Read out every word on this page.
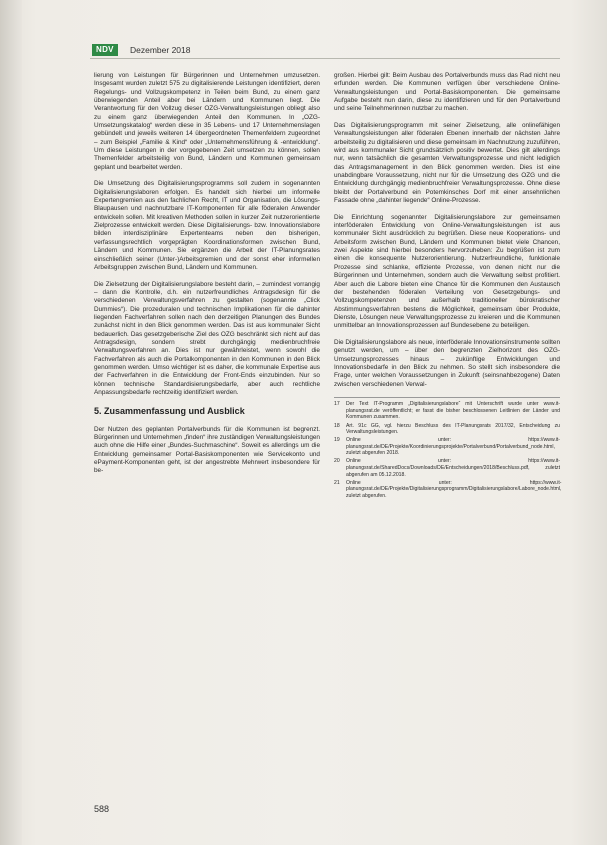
NDV	Dezember 2018

lierung von Leistungen für Bürgerinnen und Unternehmen umzusetzen. Insgesamt wurden zuletzt 575 zu digitalisierende Leistungen identifiziert, deren Regelungs- und Vollzugskompetenz in Teilen beim Bund, zu einem ganz überwiegenden Anteil aber bei Ländern und Kommunen liegt. Die Verantwortung für den Vollzug dieser OZG-Verwaltungsleistungen obliegt also zu einem ganz überwiegenden Anteil den Kommunen. In „OZG-Umsetzungskatalog“ werden diese in 35 Lebens- und 17 Unternehmenslagen gebündelt und jeweils weiteren 14 übergeordneten Themenfeldern zugeordnet – zum Beispiel „Familie & Kind“ oder „Unternehmensführung & -entwicklung“. Um diese Leistungen in der vorgegebenen Zeit umsetzen zu können, sollen Themenfelder arbeitsteilig von Bund, Ländern und Kommunen gemeinsam geplant und bearbeitet werden.

Die Umsetzung des Digitalisierungsprogramms soll zudem in sogenannten Digitalisierungslaboren erfolgen. Es handelt sich hierbei um informelle Expertengremien aus den fachlichen Recht, IT und Organisation, die Lösungs-Blaupausen und nachnutzbare IT-Komponenten für alle föderalen Anwender entwickeln sollen. Mit kreativen Methoden sollen in kurzer Zeit nutzerorientierte Zielprozesse entwickelt werden. Diese Digitalisierungs- bzw. Innovationslabore bilden interdisziplinäre Expertenteams neben den bisherigen, verfassungsrechtlich vorgeprägten Koordinationsformen zwischen Bund, Ländern und Kommunen. Sie ergänzen die Arbeit der IT-Planungsrates einschließlich seiner (Unter-)Arbeitsgremien und der sonst eher informellen Arbeitsgruppen zwischen Bund, Ländern und Kommunen.

Die Zielsetzung der Digitalisierungslabore besteht darin, – zumindest vorrangig – dann die Kontrolle, d.h. ein nutzerfreundliches Antragsdesign für die verschiedenen Verwaltungsverfahren zu gestalten (sogenannte „Click Dummies“). Die prozeduralen und technischen Implikationen für die dahinter liegenden Fachverfahren sollen nach den derzeitigen Planungen des Bundes zunächst nicht in den Blick genommen werden. Das ist aus kommunaler Sicht bedauerlich. Das gesetzgeberische Ziel des OZG beschränkt sich nicht auf das Antragsdesign, sondern strebt durchgängig medienbruchfreie Verwaltungsverfahren an. Dies ist nur gewährleistet, wenn sowohl die Fachverfahren als auch die Portalkomponenten in den Kommunen in den Blick genommen werden. Umso wichtiger ist es daher, die kommunale Expertise aus der Fachverfahren in die Entwicklung der Front-Ends einzubinden. Nur so können technische Standardisierungsbedarfe, aber auch rechtliche Anpassungsbedarfe rechtzeitig identifiziert werden.

5. Zusammenfassung und Ausblick

Der Nutzen des geplanten Portalverbunds für die Kommunen ist begrenzt. Bürgerinnen und Unternehmen „finden“ ihre zuständigen Verwaltungsleistungen auch ohne die Hilfe einer „Bundes-Suchmaschine“. Soweit es allerdings um die Entwicklung gemeinsamer Portal-Basiskomponenten wie Servicekonto und ePayment-Komponenten geht, ist der angestrebte Mehrwert insbesondere für be-

großen. Hierbei gilt: Beim Ausbau des Portalverbunds muss das Rad nicht neu erfunden werden. Die Kommunen verfügen über verschiedene Online-Verwaltungsleistungen und Portal-Basiskomponenten. Die gemeinsame Aufgabe besteht nun darin, diese zu identifizieren und für den Portalverbund und seine Teilnehmerinnen nutzbar zu machen.

Das Digitalisierungsprogramm mit seiner Zielsetzung, alle onlinefähigen Verwaltungsleistungen aller föderalen Ebenen innerhalb der nächsten Jahre arbeitsteilig zu digitalisieren und diese gemeinsam im Nachnutzung zuzuführen, wird aus kommunaler Sicht grundsätzlich positiv bewertet. Dies gilt allerdings nur, wenn tatsächlich die gesamten Verwaltungsprozesse und nicht lediglich das Antragsmanagement in den Blick genommen werden. Dies ist eine unabdingbare Voraussetzung, nicht nur für die Umsetzung des OZG und die Entwicklung durchgängig medienbruchfreier Verwaltungsprozesse. Ohne diese bleibt der Portalverbund ein Potemkinsches Dorf mit einer ansehnlichen Fassade ohne „dahinter liegende“ Online-Prozesse.

Die Einrichtung sogenannter Digitalisierungslabore zur gemeinsamen interföderalen Entwicklung von Online-Verwaltungsleistungen ist aus kommunaler Sicht ausdrücklich zu begrüßen. Diese neue Kooperations- und Arbeitsform zwischen Bund, Ländern und Kommunen bietet viele Chancen, zwei Aspekte sind hierbei besonders hervorzuheben: Zu begrüßen ist zum einen die konsequente Nutzerorientierung. Nutzerfreundliche, funktionale Prozesse sind schlanke, effiziente Prozesse, von denen nicht nur die Bürgerinnen und Unternehmen, sondern auch die Verwaltung selbst profitiert. Aber auch die Labore bieten eine Chance für die Kommunen den Austausch der bestehenden föderalen Verteilung von Gesetzgebungs- und Vollzugskompetenzen und außerhalb traditioneller bürokratischer Abstimmungsverfahren bestens die Möglichkeit, gemeinsam über Produkte, Dienste, Lösungen neue Verwaltungsprozesse zu kreieren und die Kommunen unmittelbar an Innovationsprozessen auf Bundesebene zu beteiligen.

Die Digitalisierungslabore als neue, interföderale Innovationsinstrumente sollten genutzt werden, um – über den begrenzten Zielhorizont des OZG-Umsetzungsprozesses hinaus – zukünftige Entwicklungen und Innovationsbedarfe in den Blick zu nehmen. So stellt sich insbesondere die Frage, unter welchen Voraussetzungen in Zukunft (seinsnahbezogene) Daten zwischen verschiedenen Verwal-

17	Der Text IT-Programm „Digitalisierungslabore“ mit Unterschrift wurde unter www.it-planungsrat.de veröffentlicht; er fasst die bisher beschlossenen Leitlinien der Länder und Kommunen zusammen.
18	Art. 91c GG, vgl. hierzu Beschluss des IT-Planungsrats 2017/32, Entscheidung zu Verwaltungsleistungen.
19	Online unter: https://www.it-planungsrat.de/DE/Projekte/Koordinierungsprojekte/Portalverbund/Portalverbund_node.html, zuletzt abgerufen 2018.
20	Online unter: https://www.it-planungsrat.de/SharedDocs/Downloads/DE/Entscheidungen/2018/Beschluss.pdf, zuletzt abgerufen am 05.12.2018.
21	Online unter: https://www.it-planungsrat.de/DE/Projekte/Digitalisierungsprogramm/Digitalisierungslabore/Labore_node.html, zuletzt abgerufen.
588
